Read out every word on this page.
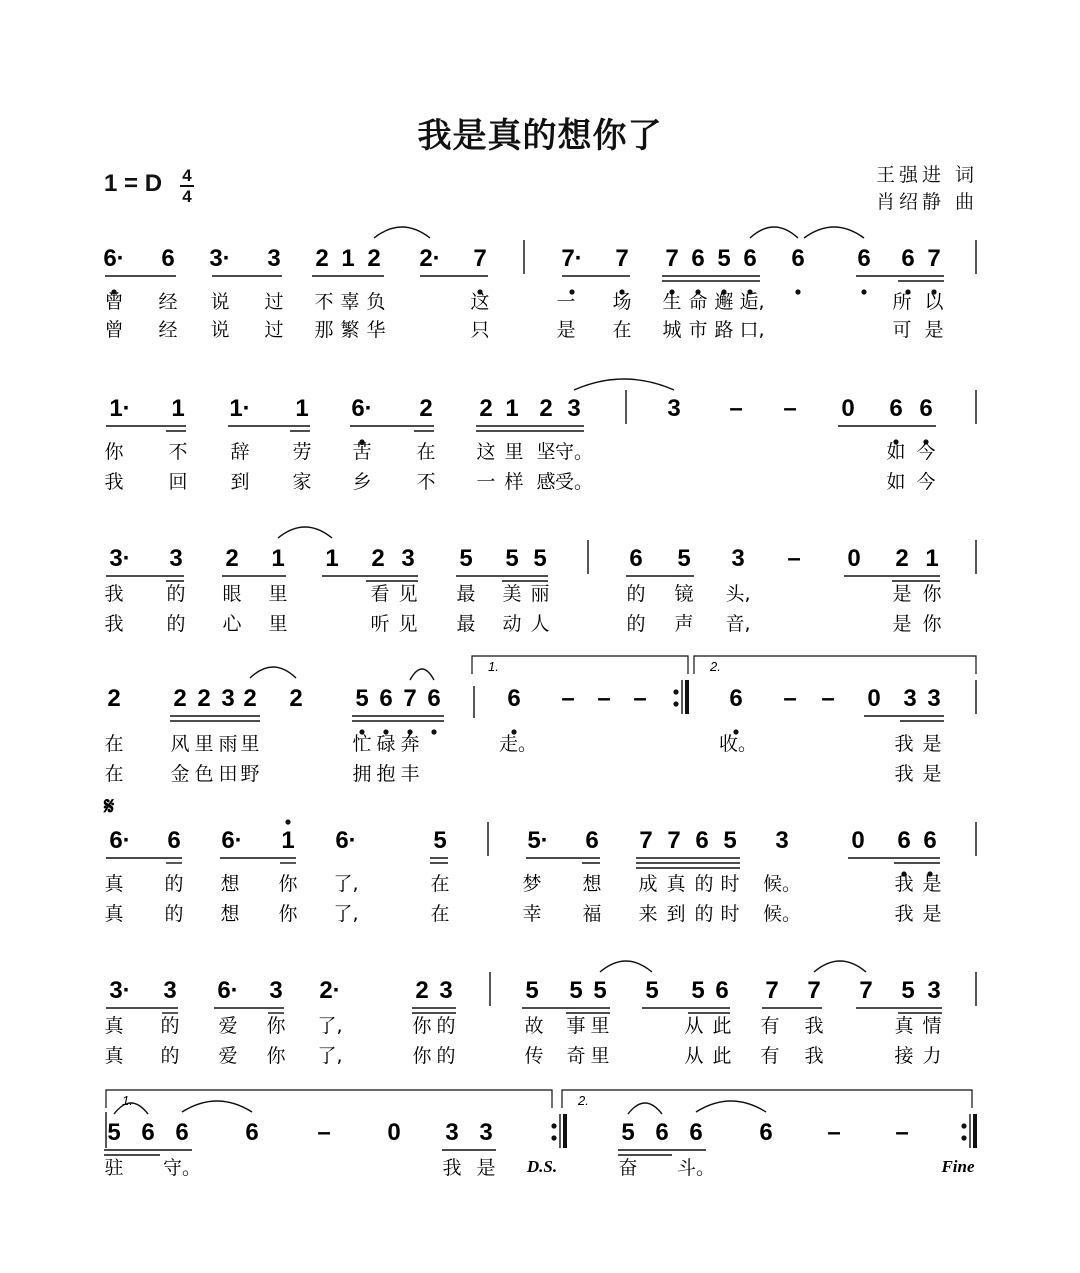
我是真的想你了
1 = D	4
4
王强进 词
肖绍静 曲
6· 6 3· 3 2 1 2 2· 7	7· 7 7 6 5 6 6 6 6 7
曾 经 说 过 不 辜 负	这	一 场 生 命 邂 逅,	所 以
曾 经 说 过 那 繁 华	只	是 在 城 市 路 口,	可 是
1· 1 1· 1 6· 2 2 1 2 3	3 – – 0 6 6
你 不 辞 劳 苦 在 这 里 坚 守。	如 今
我 回 到 家 乡 不 一 样 感 受。	如 今
3· 3 2 1 1 2 3 5 5 5	6 5 3 – 0 2 1
我 的 眼 里	看 见 最 美 丽	的 镜 头,	是 你
我 的 心 里	听 见 最 动 人	的 声 音,	是 你
2 2 2 3 2 2 5 6 7 6	6 – – –	6 – – 0 3 3
1.	2.
在 风 里 雨 里	忙 碌 奔	走。	收。	我 是
在 金 色 田 野	拥 抱 丰	我 是
6· 6 6· 1 6·	5	5· 6 7 7 6 5 3	0 6 6
真 的 想 你 了,	在	梦 想 成 真 的 时 候。	我 是
真 的 想 你 了,	在	幸 福 来 到 的 时 候。	我 是
𝄋
3· 3 6· 3 2·	2 3	5 5 5 5 5 6 7 7 7 5 3
真 的 爱 你 了,	你 的	故 事 里	从 此 有 我	真 情
真 的 爱 你 了,	你 的	传 奇 里	从 此 有 我	接 力
5 6 6 6 – 0 3 3	5 6 6 6 – –
1.	2.
驻 守。	我 是	奋 斗。
D.S.	Fine
